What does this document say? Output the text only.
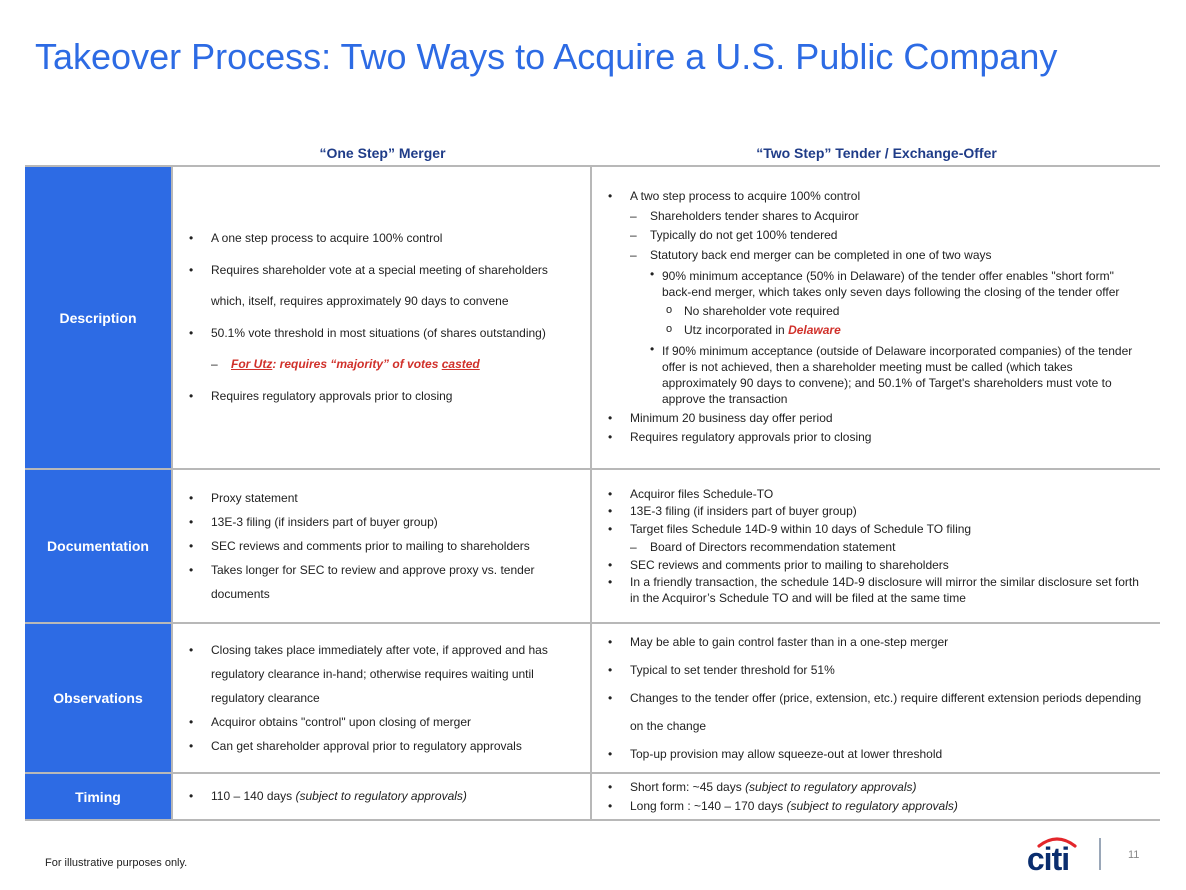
Takeover Process: Two Ways to Acquire a U.S. Public Company
“One Step” Merger	“Two Step” Tender / Exchange-Offer
Description
• A one step process to acquire 100% control
• Requires shareholder vote at a special meeting of shareholders which, itself, requires approximately 90 days to convene
• 50.1% vote threshold in most situations (of shares outstanding)
– For Utz: requires “majority” of votes casted
• Requires regulatory approvals prior to closing
• A two step process to acquire 100% control
– Shareholders tender shares to Acquiror
– Typically do not get 100% tendered
– Statutory back end merger can be completed in one of two ways
• 90% minimum acceptance (50% in Delaware) of the tender offer enables "short form" back-end merger, which takes only seven days following the closing of the tender offer
o No shareholder vote required
o Utz incorporated in Delaware
• If 90% minimum acceptance (outside of Delaware incorporated companies) of the tender offer is not achieved, then a shareholder meeting must be called (which takes approximately 90 days to convene); and 50.1% of Target's shareholders must vote to approve the transaction
• Minimum 20 business day offer period
• Requires regulatory approvals prior to closing
Documentation
• Proxy statement
• 13E-3 filing (if insiders part of buyer group)
• SEC reviews and comments prior to mailing to shareholders
• Takes longer for SEC to review and approve proxy vs. tender documents
• Acquiror files Schedule-TO
• 13E-3 filing (if insiders part of buyer group)
• Target files Schedule 14D-9 within 10 days of Schedule TO filing
– Board of Directors recommendation statement
• SEC reviews and comments prior to mailing to shareholders
• In a friendly transaction, the schedule 14D-9 disclosure will mirror the similar disclosure set forth in the Acquiror’s Schedule TO and will be filed at the same time
Observations
• Closing takes place immediately after vote, if approved and has regulatory clearance in-hand; otherwise requires waiting until regulatory clearance
• Acquiror obtains "control" upon closing of merger
• Can get shareholder approval prior to regulatory approvals
• May be able to gain control faster than in a one-step merger
• Typical to set tender threshold for 51%
• Changes to the tender offer (price, extension, etc.) require different extension periods depending on the change
• Top-up provision may allow squeeze-out at lower threshold
Timing
•	110 – 140 days (subject to regulatory approvals)
• Short form: ~45 days (subject to regulatory approvals)
• Long form : ~140 – 170 days (subject to regulatory approvals)
For illustrative purposes only.	citi	11
